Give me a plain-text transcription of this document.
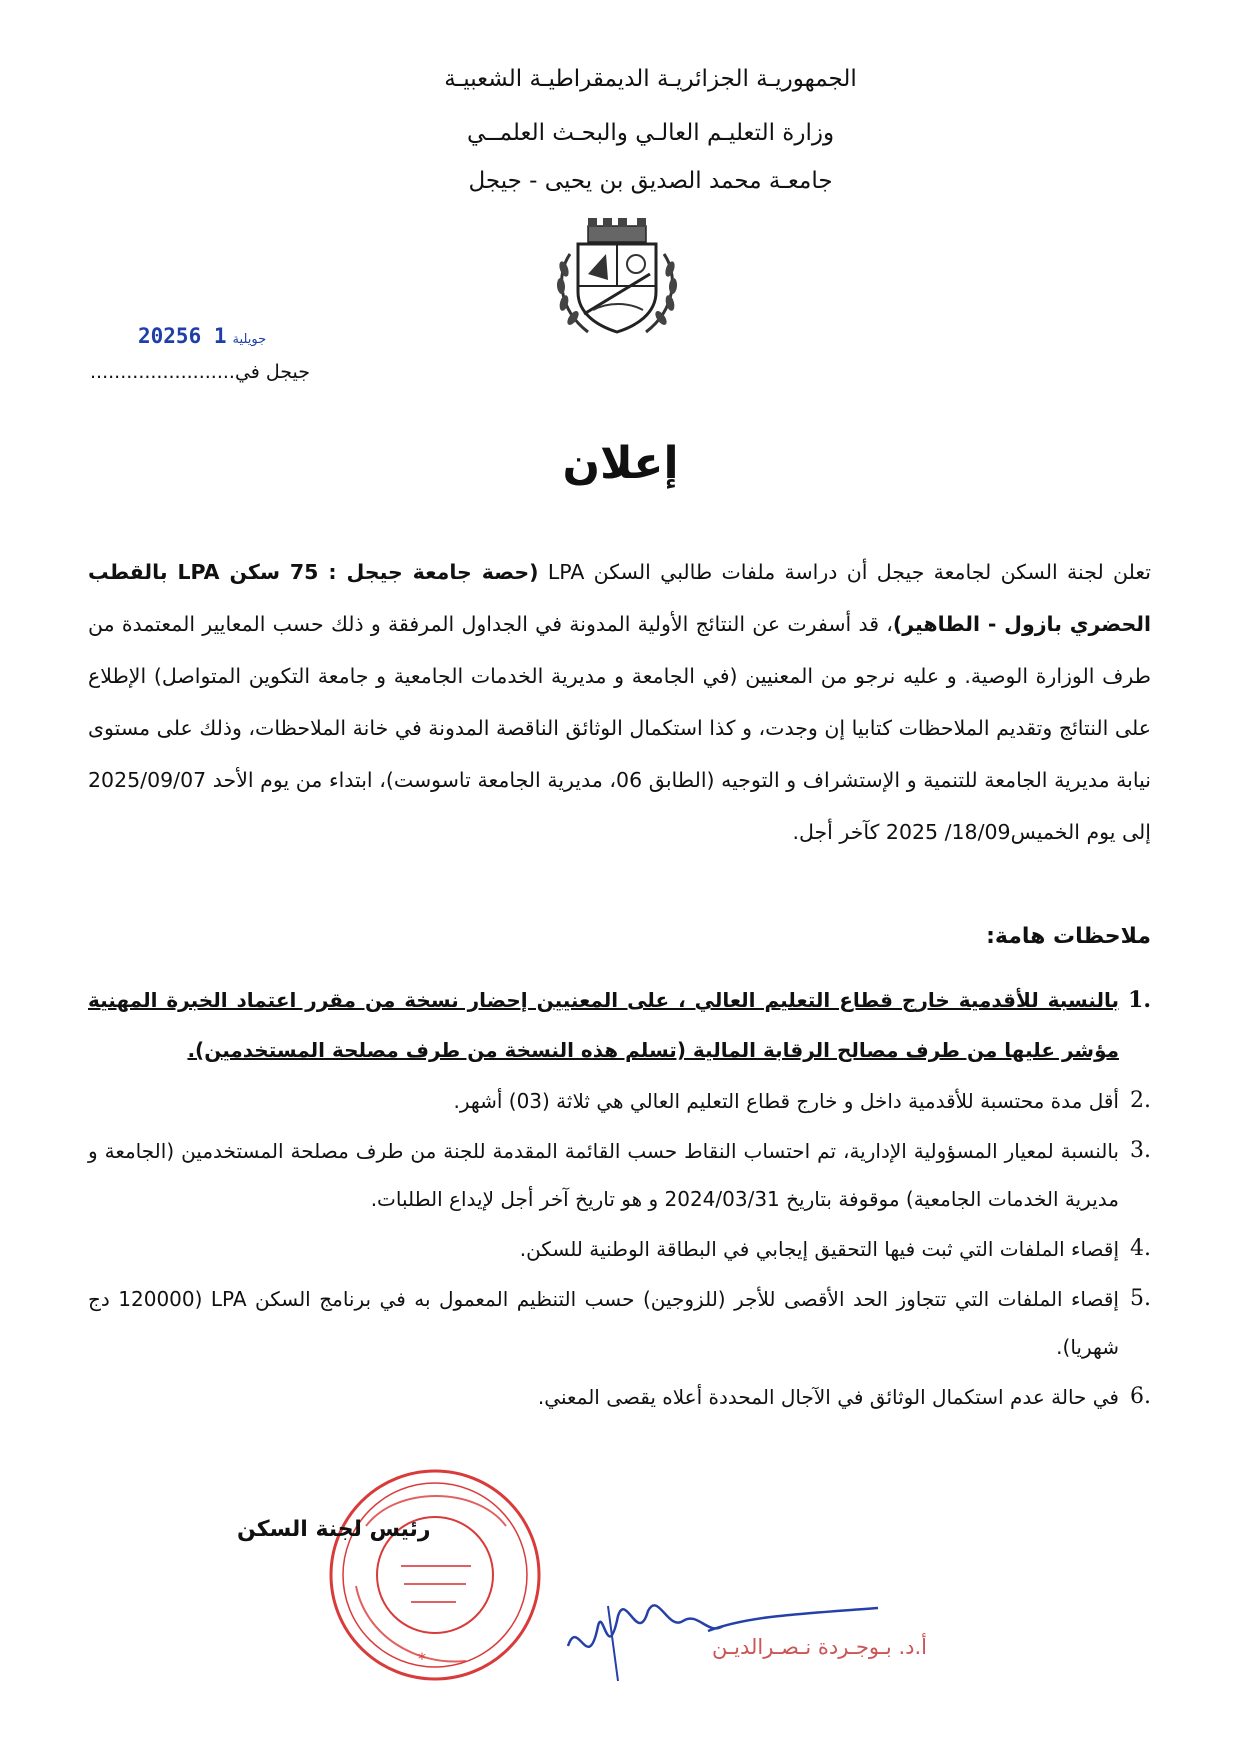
الجمهوريـة الجزائريـة الديمقراطيـة الشعبيـة
وزارة التعليـم العالـي والبحـث العلمــي
جامعـة محمد الصديق بن يحيى - جيجل
2025	جويلية1 6
جيجل في........................
إعلان
تعلن لجنة السكن لجامعة جيجل أن دراسة ملفات طالبي السكن LPA (حصة جامعة جيجل : 75 سكن LPA بالقطب الحضري بازول - الطاهير)، قد أسفرت عن النتائج الأولية المدونة في الجداول المرفقة و ذلك حسب المعايير المعتمدة من طرف الوزارة الوصية. و عليه نرجو من المعنيين (في الجامعة و مديرية الخدمات الجامعية و جامعة التكوين المتواصل) الإطلاع على النتائج وتقديم الملاحظات كتابيا إن وجدت، و كذا استكمال الوثائق الناقصة المدونة في خانة الملاحظات، وذلك على مستوى نيابة مديرية الجامعة للتنمية و الإستشراف و التوجيه (الطابق 06، مديرية الجامعة تاسوست)، ابتداء من يوم الأحد 2025/09/07 إلى يوم الخميس18/09/ 2025 كآخر أجل.
ملاحظات هامة:
.1
بالنسبة للأقدمية خارج قطاع التعليم العالي ، على المعنيين إحضار نسخة من مقرر اعتماد الخبرة المهنية مؤشر عليها من طرف مصالح الرقابة المالية (تسلم هذه النسخة من طرف مصلحة المستخدمين).
.2
أقل مدة محتسبة للأقدمية داخل و خارج قطاع التعليم العالي هي ثلاثة (03) أشهر.
.3
بالنسبة لمعيار المسؤولية الإدارية، تم احتساب النقاط حسب القائمة المقدمة للجنة من طرف مصلحة المستخدمين (الجامعة و مديرية الخدمات الجامعية) موقوفة بتاريخ 2024/03/31 و هو تاريخ آخر أجل لإيداع الطلبات.
.4
إقصاء الملفات التي ثبت فيها التحقيق إيجابي في البطاقة الوطنية للسكن.
.5
إقصاء الملفات التي تتجاوز الحد الأقصى للأجر (للزوجين) حسب التنظيم المعمول به في برنامج السكن LPA (120000 دج شهريا).
.6
في حالة عدم استكمال الوثائق في الآجال المحددة أعلاه يقصى المعني.
*
رئيس لجنة السكن
أ.د. بـوجـردة نـصـرالديـن
